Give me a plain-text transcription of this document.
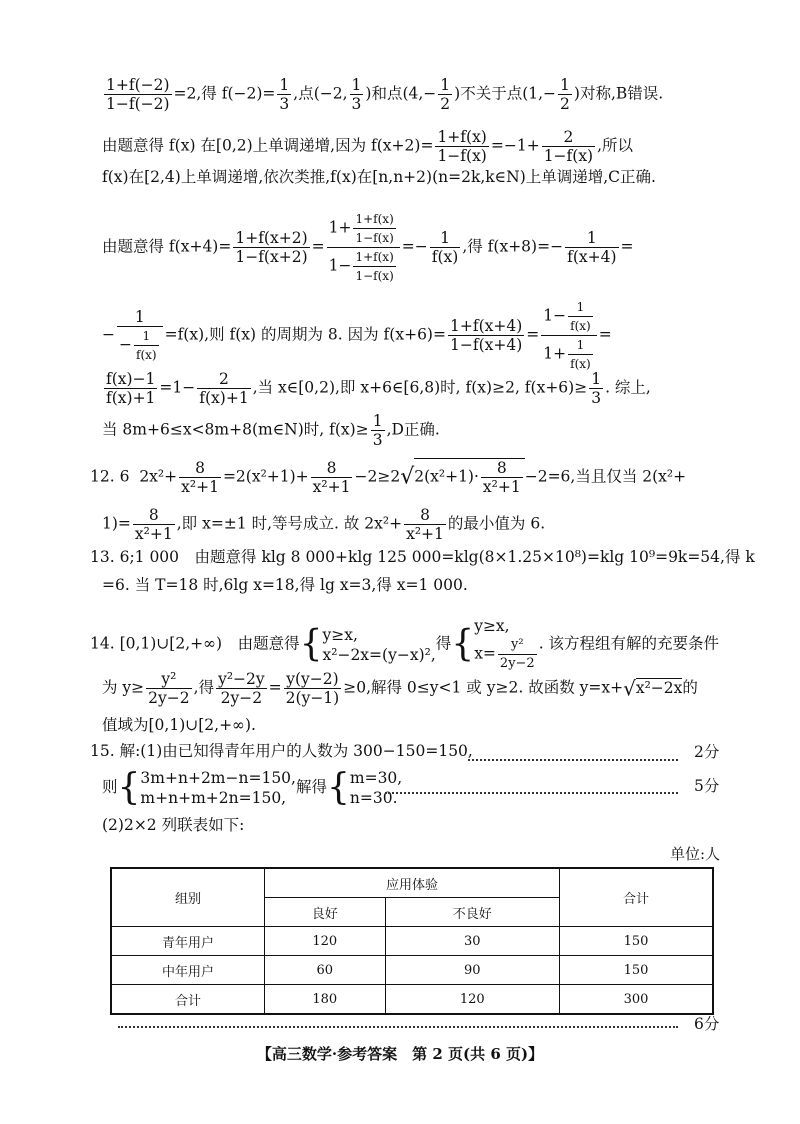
$\frac{1+f(-2)}{1-f(-2)} =2$,得 $f(-2)= \frac{1}{3}$ ,点(−2, $\frac{1}{3}$ )和点($4,- \frac{1}{2}$ )不关于点($1,- \frac{1}{2}$ )对称,B错误.
由题意得 f(x) 在[0,2)上单调递增,因为 $f(x+2)= \frac{1+f(x)}{1-f(x)} =-1+ \frac{2}{1-f(x)}$ ,所以
f(x)在[2,4)上单调递增,依次类推,f(x)在[n,n+2)(n=2k,k∈N)上单调递增,C正确.
由题意得 $f(x+4)= \frac{1+f(x+2)}{1-f(x+2)} = \frac{1+ \frac{1+f(x)}{1-f(x)}}{1- \frac{1+f(x)}{1-f(x)}} =- \frac{1}{f(x)}$ ,得 $f(x+8)=- \frac{1}{f(x+4)}$ =
− $\frac{1}{- \frac{1}{f(x)}} =f(x)$,则 f(x) 的周期为 8. 因为 $f(x+6)= \frac{1+f(x+4)}{1-f(x+4)} = \frac{1- \frac{1}{f(x)}}{1+ \frac{1}{f(x)}}$ =
$\frac{f(x)-1}{f(x)+1} =1- \frac{2}{f(x)+1}$ ,当 x∈[0,2),即 x+6∈[6,8)时, f(x)≥2, $f(x+6)\ge \frac{1}{3}$ . 综上,
当 8m+6≤x<8m+8(m∈N)时, $f(x)\ge \frac{1}{3} ,D$正确.
12. 6 $2x^2+ \frac{8}{\text{x²+1}} =2(x^2+1)+ \frac{8}{\text{x²+1}} -2\ge 2√2(x^2+1)\cdot \frac{8}{\text{x²+1}} -2=6$,当且仅当 2(x²+
$1)= \frac{8}{\text{x²+1}}$ ,即 x=±1 时,等号成立. 故 $2x^2+ \frac{8}{\text{x²+1}}$ 的最小值为 6.
13. 6;1 000　由题意得 klg 8 000+klg 125 000=klg(8×1.25×10⁸)=klg 10⁹=9k=54,得 k
=6. 当 T=18 时,6lg x=18,得 lg x=3,得 x=1 000.
14. [0,1)∪[2,+∞)　由题意得{ y≥x,
x²−2x=(y−x)²,
得{ y≥x,
$x= \frac{\text{y²}}{2y-2}$ . 该方程组有解的充要条件
为 $y\ge \frac{\text{y²}}{2y-2}$ ,得 $\frac{\text{y²−2y}}{2y-2} = \frac{y(y-2)}{2(y-1)} \ge 0$,解得 0≤y<1 或 y≥2. 故函数 y=x+√x²−2x的
值域为[0,1)∪[2,+∞).
15. 解:(1)由已知得青年用户的人数为 300−150=150,	2分
则{ 3m+n+2m−n=150,
m+n+m+2n=150,
解得{ m=30,
n=30.
5分
(2)2×2 列联表如下:
单位:人
组别	应用体验		合计
	良好	不良好	
青年用户	120	30	150
中年用户	60	90	150
合计	180	120	300
6分
【高三数学·参考答案　第 2 页(共 6 页)】
